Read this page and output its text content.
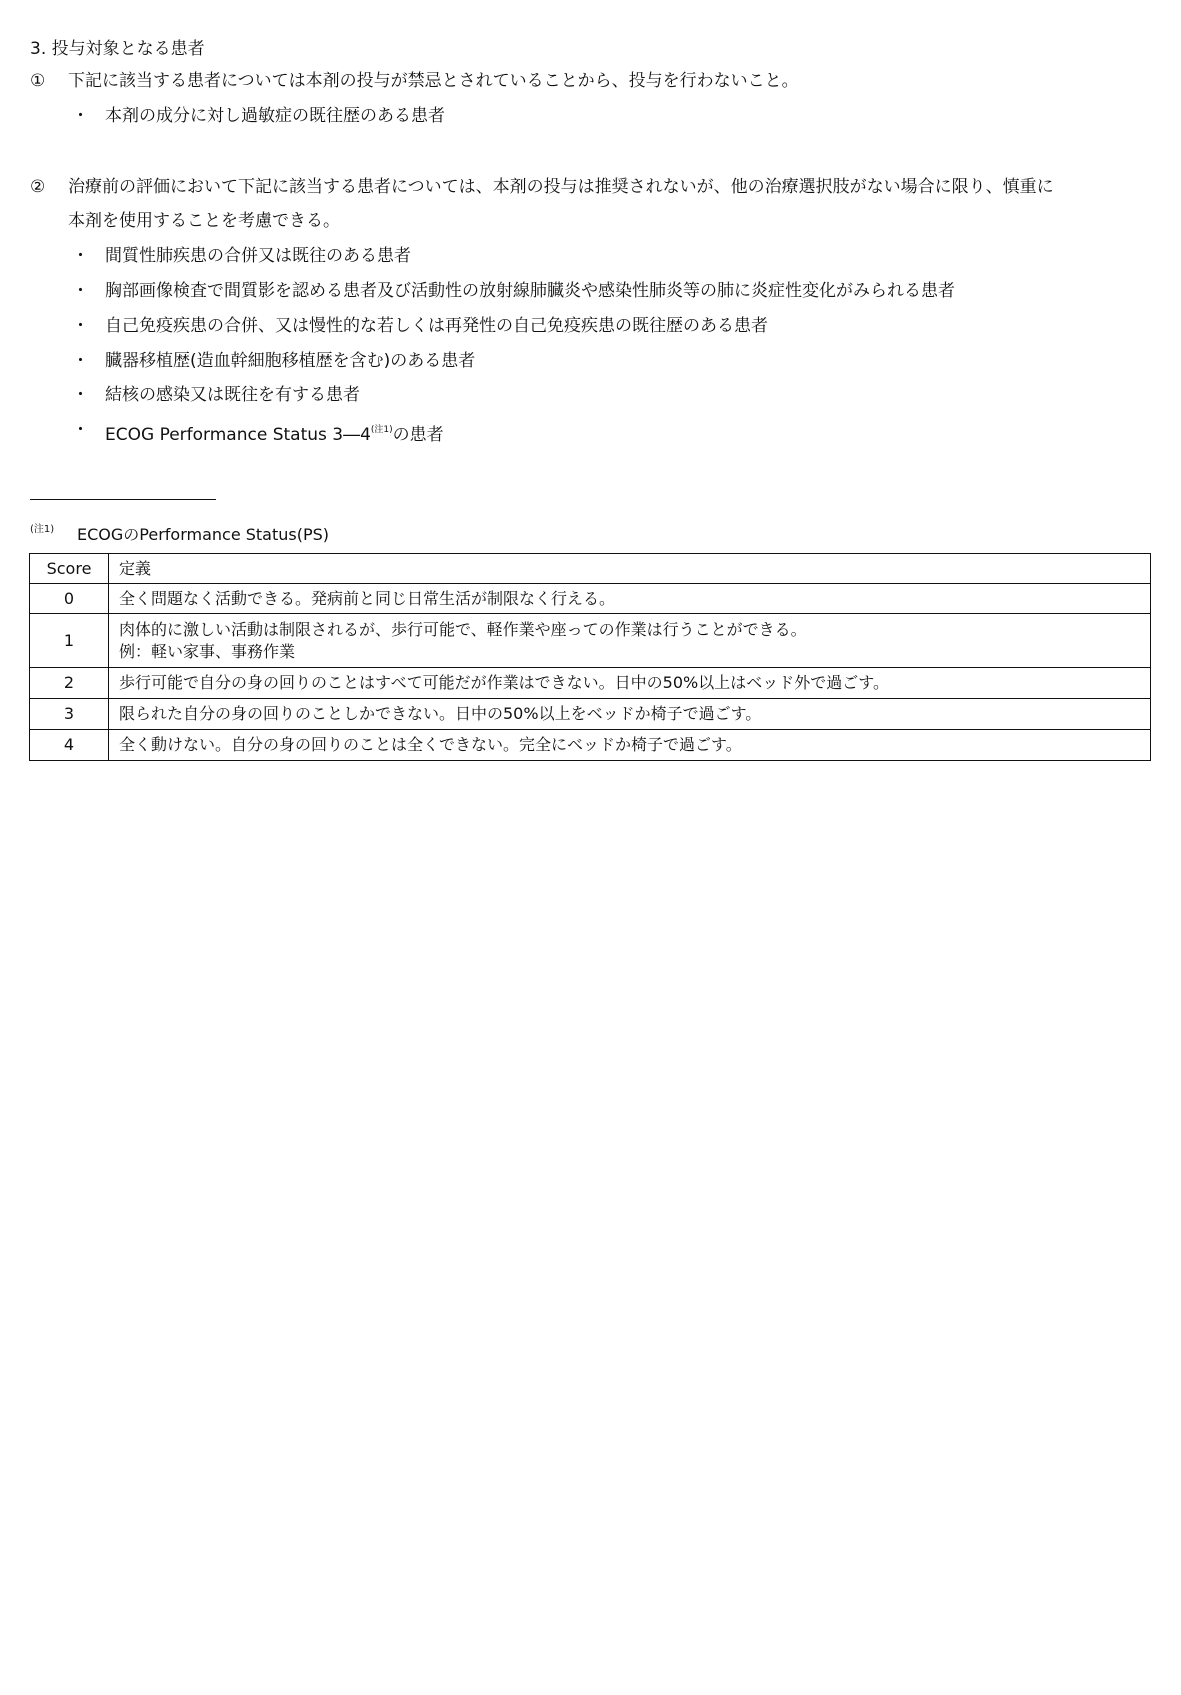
3. 投与対象となる患者
① 下記に該当する患者については本剤の投与が禁忌とされていることから、投与を行わないこと。
・ 本剤の成分に対し過敏症の既往歴のある患者
② 治療前の評価において下記に該当する患者については、本剤の投与は推奨されないが、他の治療選択肢がない場合に限り、慎重に
本剤を使用することを考慮できる。
・ 間質性肺疾患の合併又は既往のある患者
・ 胸部画像検査で間質影を認める患者及び活動性の放射線肺臓炎や感染性肺炎等の肺に炎症性変化がみられる患者
・ 自己免疫疾患の合併、又は慢性的な若しくは再発性の自己免疫疾患の既往歴のある患者
・ 臓器移植歴(造血幹細胞移植歴を含む)のある患者
・ 結核の感染又は既往を有する患者
・ ECOG Performance Status $3―4^{(注1)}$の患者
(注1) ECOGのPerformance Status(PS)
Score	定義
0	全く問題なく活動できる。発病前と同じ日常生活が制限なく行える。
1	肉体的に激しい活動は制限されるが、歩行可能で、軽作業や座っての作業は行うことができる。
例：軽い家事、事務作業

2	歩行可能で自分の身の回りのことはすべて可能だが作業はできない。日中の50%以上はベッド外で過ごす。
3	限られた自分の身の回りのことしかできない。日中の50%以上をベッドか椅子で過ごす。
4	全く動けない。自分の身の回りのことは全くできない。完全にベッドか椅子で過ごす。
